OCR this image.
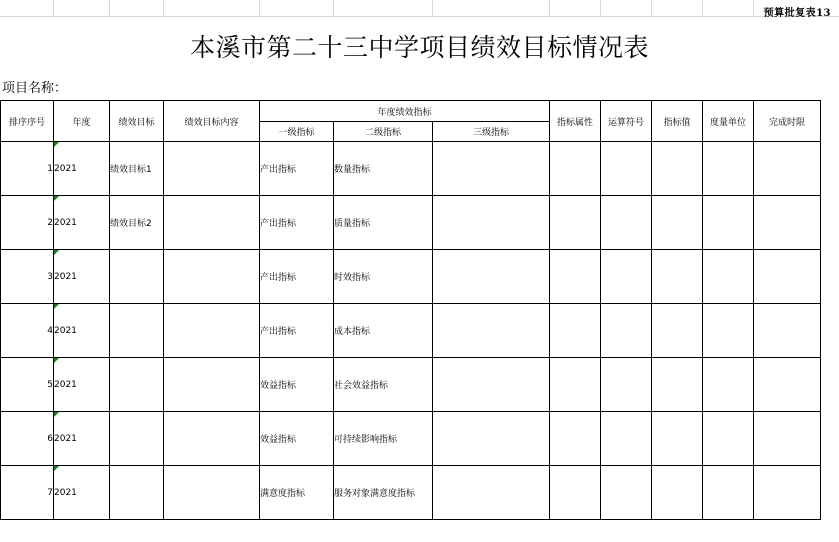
预算批复表13
本溪市第二十三中学项目绩效目标情况表
项目名称：
排序序号	年度	绩效目标	绩效目标内容	年度绩效指标			指标属性	运算符号	指标值	度量单位	完成时限
				一级指标	二级指标	三级指标					
1	2021	绩效目标1		产出指标	数量指标						
2	2021	绩效目标2		产出指标	质量指标						
3	2021			产出指标	时效指标						
4	2021			产出指标	成本指标						
5	2021			效益指标	社会效益指标						
6	2021			效益指标	可持续影响指标						
7	2021			满意度指标	服务对象满意度指标						
